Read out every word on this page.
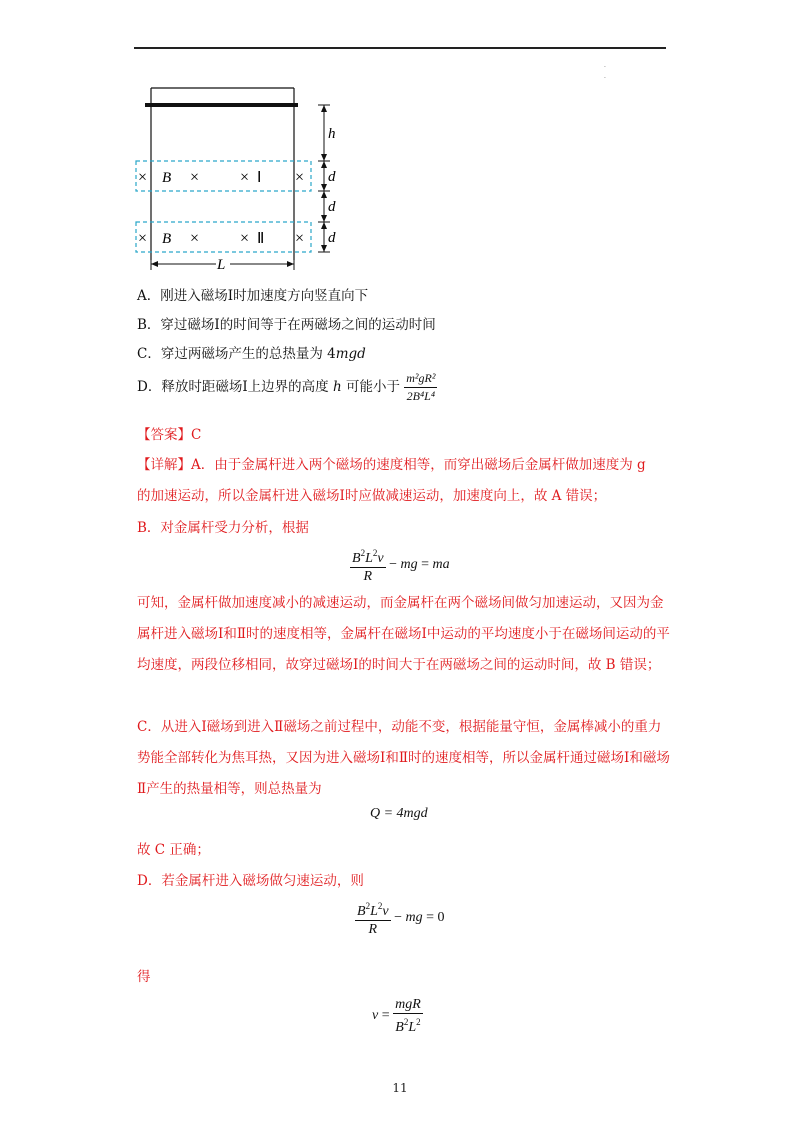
·
·
× B ×	× Ⅰ ×
× B ×	× Ⅱ ×
h
d
d
d
L
A．刚进入磁场Ⅰ时加速度方向竖直向下
B．穿过磁场Ⅰ的时间等于在两磁场之间的运动时间
C．穿过两磁场产生的总热量为 4mgd
D．释放时距磁场Ⅰ上边界的高度 h 可能小于 $\frac{\text{m²gR²}}{\text{2B⁴L⁴}}$
【答案】C
【详解】A．由于金属杆进入两个磁场的速度相等，而穿出磁场后金属杆做加速度为 g
的加速运动，所以金属杆进入磁场Ⅰ时应做减速运动，加速度向上，故 A 错误；
B．对金属杆受力分析，根据
$\frac{B^2L^2v}{R}$ − mg = ma
可知，金属杆做加速度减小的减速运动，而金属杆在两个磁场间做匀加速运动，又因为金属杆进入磁场Ⅰ和Ⅱ时的速度相等，金属杆在磁场Ⅰ中运动的平均速度小于在磁场间运动的平均速度，两段位移相同，故穿过磁场Ⅰ的时间大于在两磁场之间的运动时间，故 B 错误；
C．从进入Ⅰ磁场到进入Ⅱ磁场之前过程中，动能不变，根据能量守恒，金属棒减小的重力势能全部转化为焦耳热，又因为进入磁场Ⅰ和Ⅱ时的速度相等，所以金属杆通过磁场Ⅰ和磁场Ⅱ产生的热量相等，则总热量为
Q = 4mgd
故 C 正确；
D．若金属杆进入磁场做匀速运动，则
$\frac{B^2L^2v}{R}$ − mg = 0
得
$v = \frac{\text{mgR}}{B^2L^2}$
11
